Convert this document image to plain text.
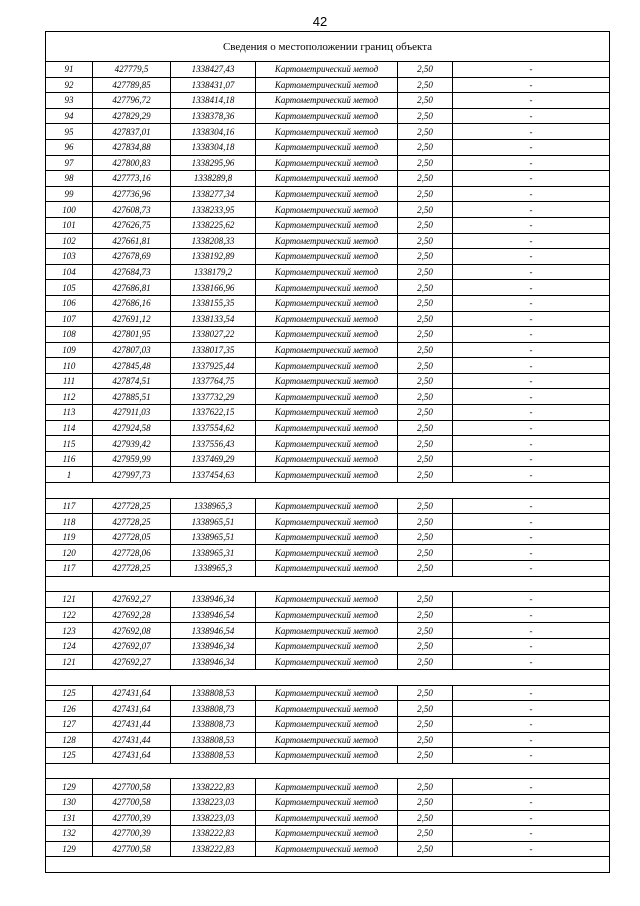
42
Сведения о местоположении границ объекта					
91	427779,5	1338427,43	Картометрический метод	2,50	-
92	427789,85	1338431,07	Картометрический метод	2,50	-
93	427796,72	1338414,18	Картометрический метод	2,50	-
94	427829,29	1338378,36	Картометрический метод	2,50	-
95	427837,01	1338304,16	Картометрический метод	2,50	-
96	427834,88	1338304,18	Картометрический метод	2,50	-
97	427800,83	1338295,96	Картометрический метод	2,50	-
98	427773,16	1338289,8	Картометрический метод	2,50	-
99	427736,96	1338277,34	Картометрический метод	2,50	-
100	427608,73	1338233,95	Картометрический метод	2,50	-
101	427626,75	1338225,62	Картометрический метод	2,50	-
102	427661,81	1338208,33	Картометрический метод	2,50	-
103	427678,69	1338192,89	Картометрический метод	2,50	-
104	427684,73	1338179,2	Картометрический метод	2,50	-
105	427686,81	1338166,96	Картометрический метод	2,50	-
106	427686,16	1338155,35	Картометрический метод	2,50	-
107	427691,12	1338133,54	Картометрический метод	2,50	-
108	427801,95	1338027,22	Картометрический метод	2,50	-
109	427807,03	1338017,35	Картометрический метод	2,50	-
110	427845,48	1337925,44	Картометрический метод	2,50	-
111	427874,51	1337764,75	Картометрический метод	2,50	-
112	427885,51	1337732,29	Картометрический метод	2,50	-
113	427911,03	1337622,15	Картометрический метод	2,50	-
114	427924,58	1337554,62	Картометрический метод	2,50	-
115	427939,42	1337556,43	Картометрический метод	2,50	-
116	427959,99	1337469,29	Картометрический метод	2,50	-
1	427997,73	1337454,63	Картометрический метод	2,50	-

117	427728,25	1338965,3	Картометрический метод	2,50	-
118	427728,25	1338965,51	Картометрический метод	2,50	-
119	427728,05	1338965,51	Картометрический метод	2,50	-
120	427728,06	1338965,31	Картометрический метод	2,50	-
117	427728,25	1338965,3	Картометрический метод	2,50	-

121	427692,27	1338946,34	Картометрический метод	2,50	-
122	427692,28	1338946,54	Картометрический метод	2,50	-
123	427692,08	1338946,54	Картометрический метод	2,50	-
124	427692,07	1338946,34	Картометрический метод	2,50	-
121	427692,27	1338946,34	Картометрический метод	2,50	-

125	427431,64	1338808,53	Картометрический метод	2,50	-
126	427431,64	1338808,73	Картометрический метод	2,50	-
127	427431,44	1338808,73	Картометрический метод	2,50	-
128	427431,44	1338808,53	Картометрический метод	2,50	-
125	427431,64	1338808,53	Картометрический метод	2,50	-

129	427700,58	1338222,83	Картометрический метод	2,50	-
130	427700,58	1338223,03	Картометрический метод	2,50	-
131	427700,39	1338223,03	Картометрический метод	2,50	-
132	427700,39	1338222,83	Картометрический метод	2,50	-
129	427700,58	1338222,83	Картометрический метод	2,50	-
